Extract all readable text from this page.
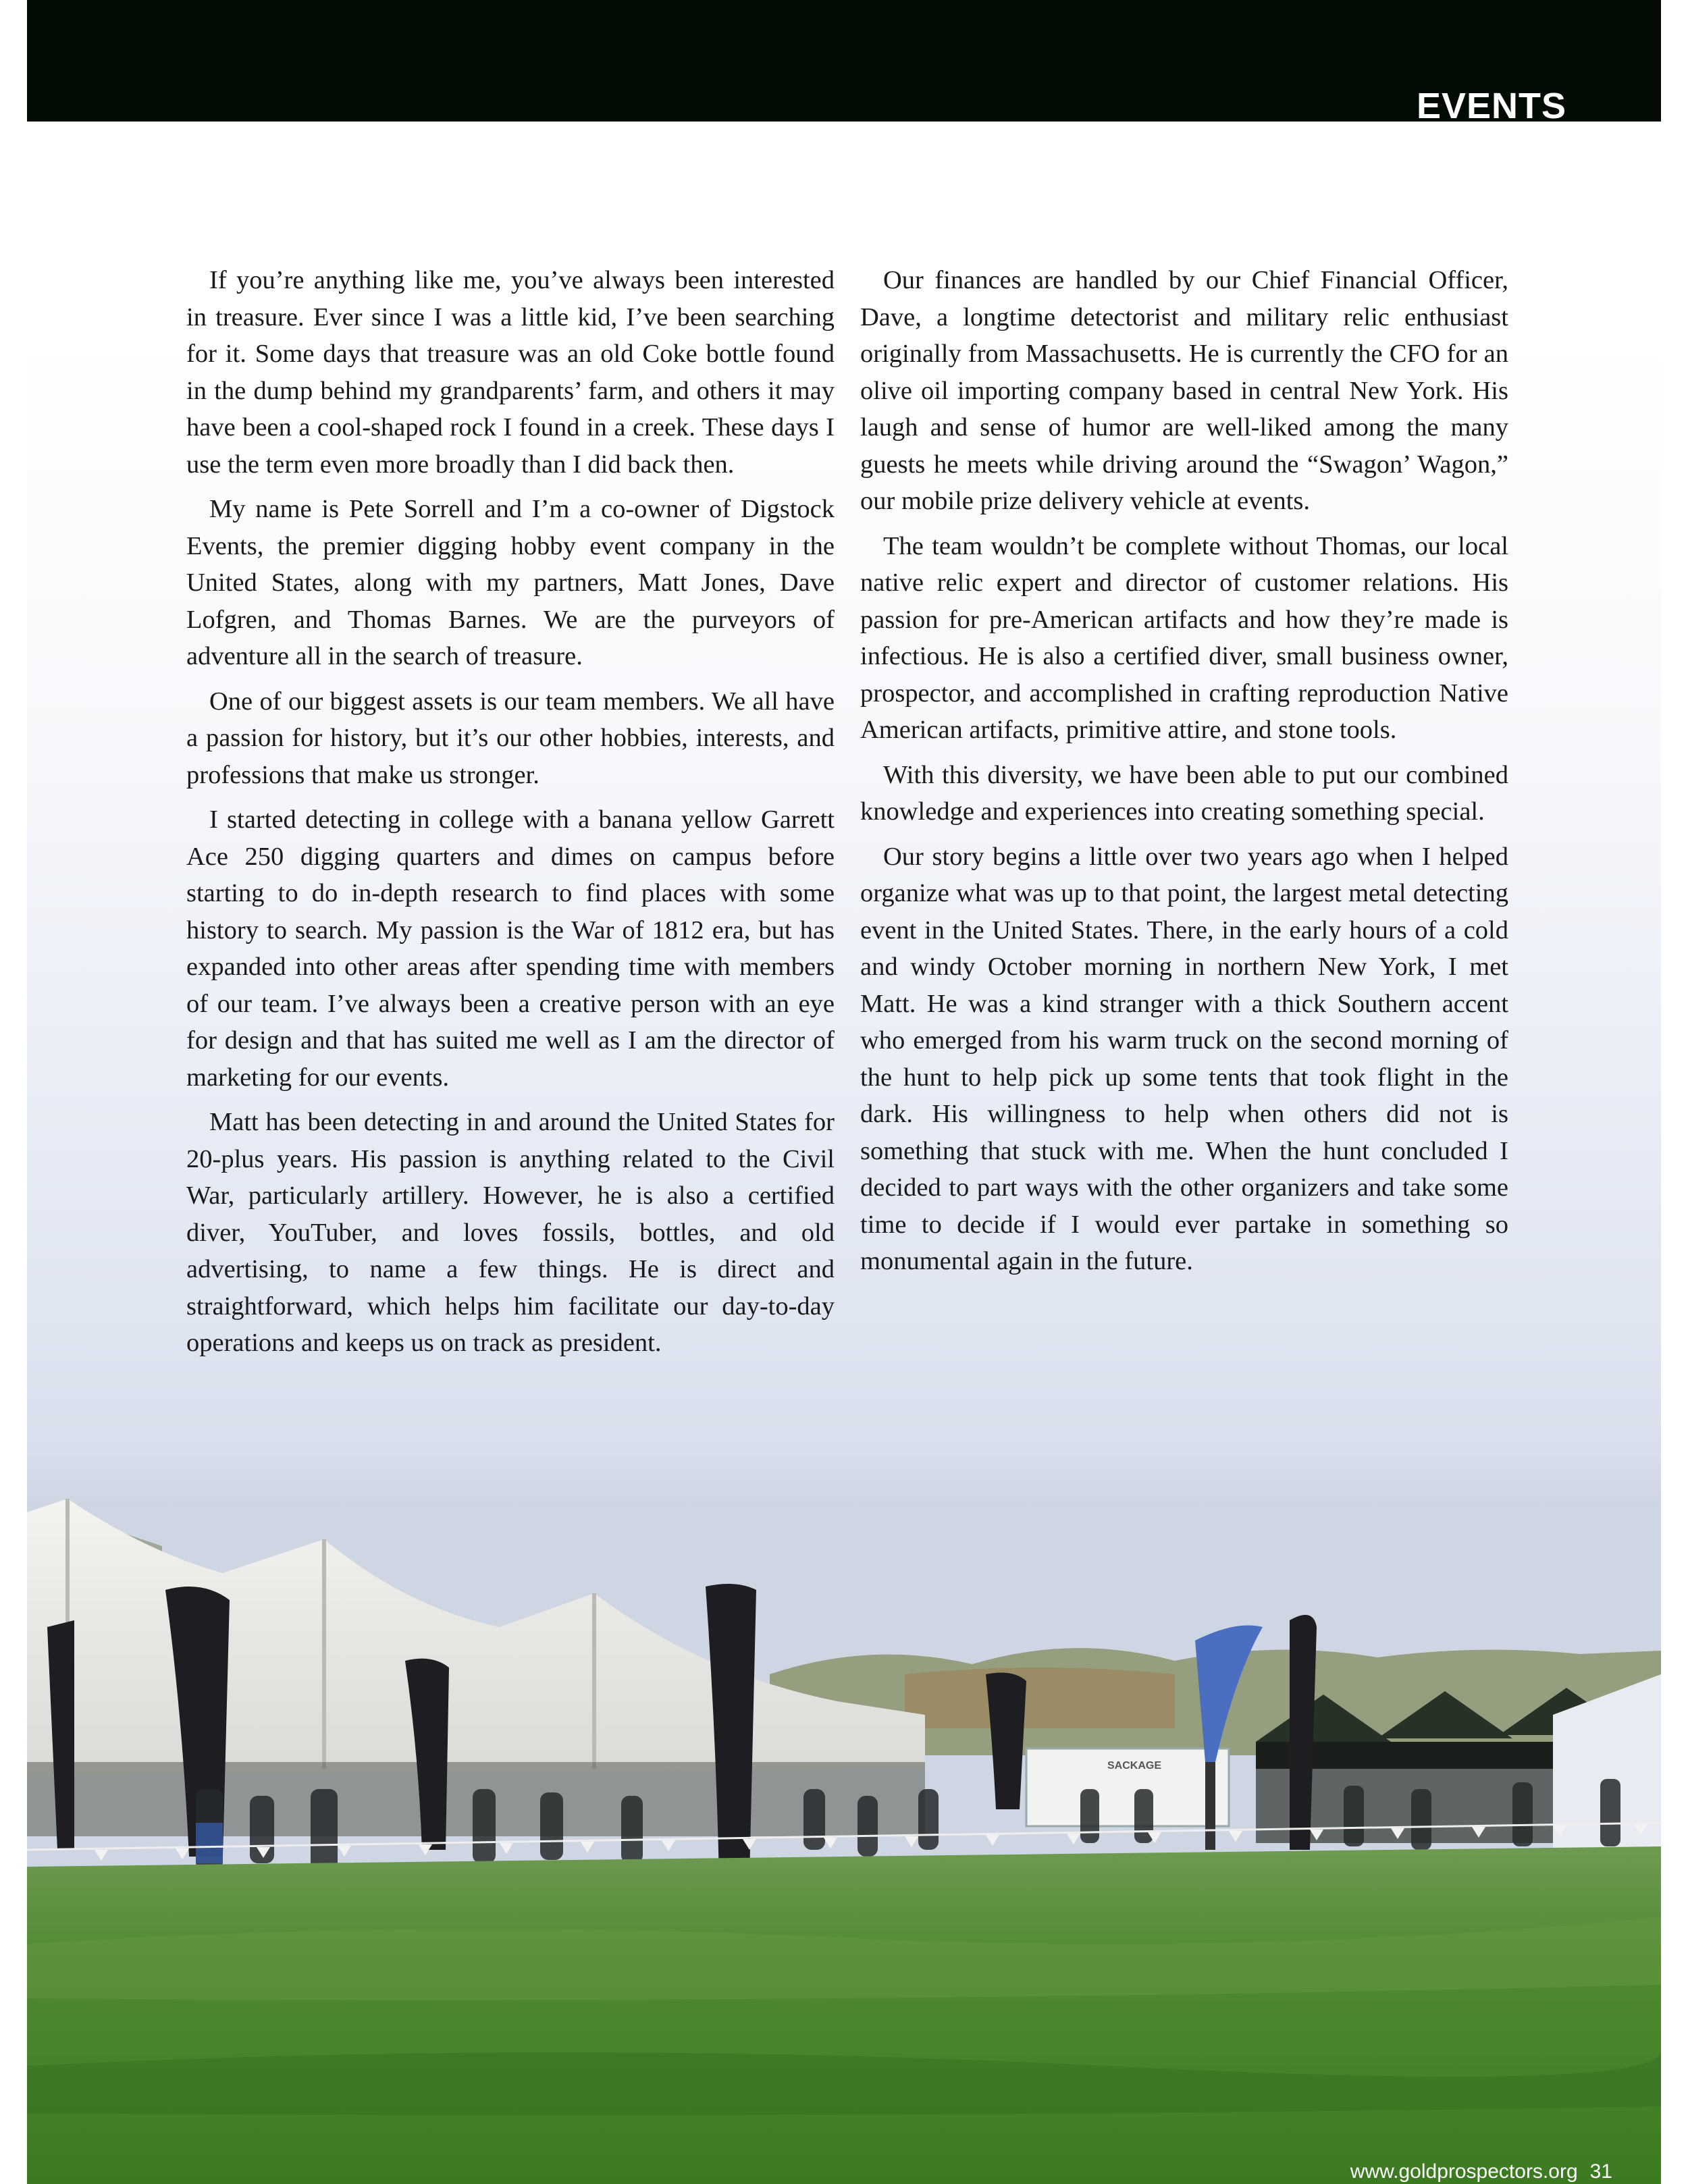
EVENTS

If you’re anything like me, you’ve always been interested in treasure. Ever since I was a little kid, I’ve been searching for it. Some days that treasure was an old Coke bottle found in the dump behind my grandparents’ farm, and others it may have been a cool-shaped rock I found in a creek. These days I use the term even more broadly than I did back then.

My name is Pete Sorrell and I’m a co-owner of Digstock Events, the premier digging hobby event company in the United States, along with my partners, Matt Jones, Dave Lofgren, and Thomas Barnes. We are the purveyors of adventure all in the search of treasure.

One of our biggest assets is our team members. We all have a passion for history, but it’s our other hobbies, interests, and professions that make us stronger.

I started detecting in college with a banana yellow Garrett Ace 250 digging quarters and dimes on campus before starting to do in-depth research to find places with some history to search. My passion is the War of 1812 era, but has expanded into other areas after spending time with members of our team. I’ve always been a creative person with an eye for design and that has suited me well as I am the director of marketing for our events.

Matt has been detecting in and around the United States for 20-plus years. His passion is anything related to the Civil War, particularly artillery. However, he is also a certified diver, YouTuber, and loves fossils, bottles, and old advertising, to name a few things. He is direct and straightforward, which helps him facilitate our day-to-day operations and keeps us on track as president.

Our finances are handled by our Chief Financial Officer, Dave, a longtime detectorist and military relic enthusiast originally from Massachusetts. He is currently the CFO for an olive oil importing company based in central New York. His laugh and sense of humor are well-liked among the many guests he meets while driving around the “Swagon’ Wagon,” our mobile prize delivery vehicle at events.

The team wouldn’t be complete without Thomas, our local native relic expert and director of customer relations. His passion for pre-American artifacts and how they’re made is infectious. He is also a certified diver, small business owner, prospector, and accomplished in crafting reproduction Native American artifacts, primitive attire, and stone tools.

With this diversity, we have been able to put our combined knowledge and experiences into creating something special.

Our story begins a little over two years ago when I helped organize what was up to that point, the largest metal detecting event in the United States. There, in the early hours of a cold and windy October morning in northern New York, I met Matt. He was a kind stranger with a thick Southern accent who emerged from his warm truck on the second morning of the hunt to help pick up some tents that took flight in the dark. His willingness to help when others did not is something that stuck with me. When the hunt concluded I decided to part ways with the other organizers and take some time to decide if I would ever partake in something so monumental again in the future.

SACKAGE
www.goldprospectors.org 31
